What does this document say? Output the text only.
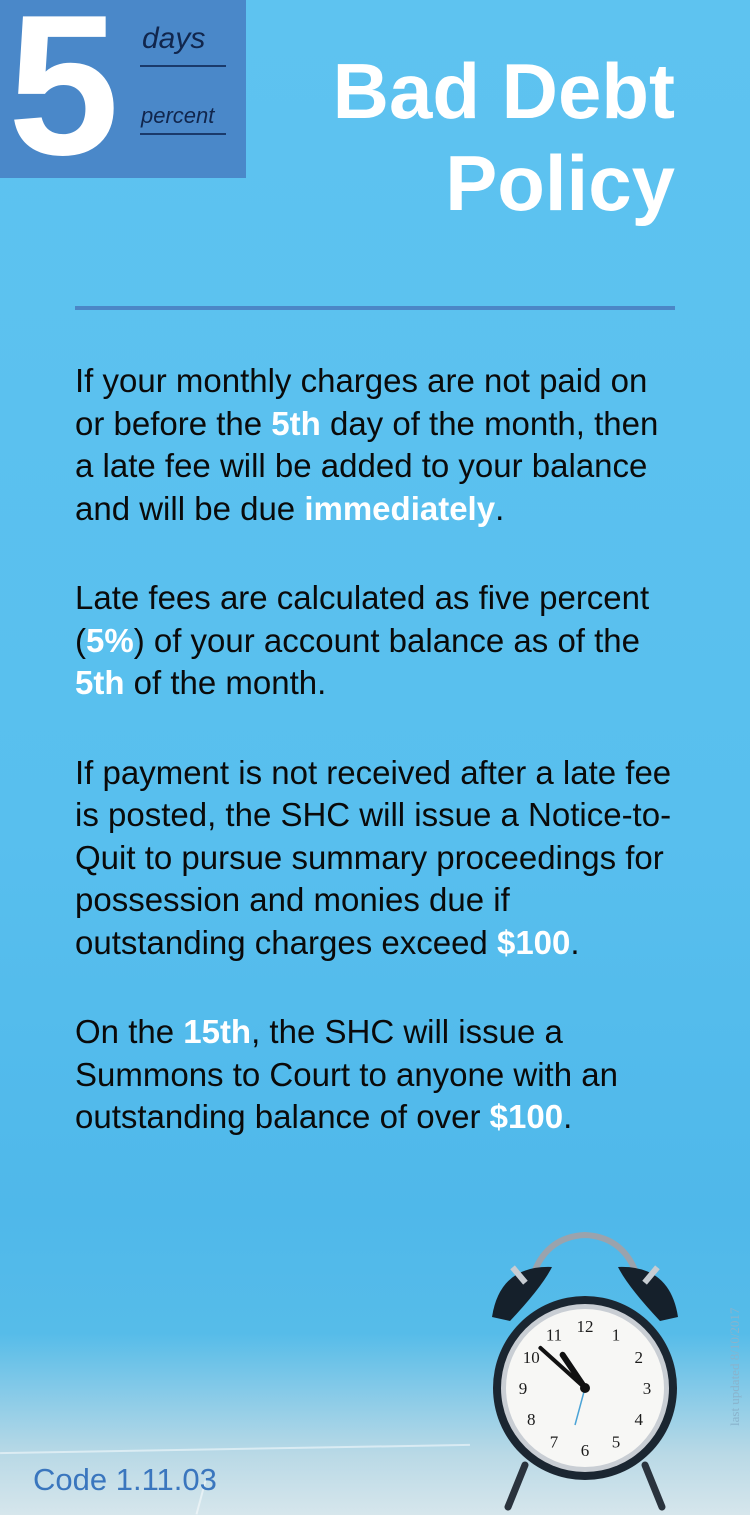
5 days
percent	Bad Debt
Policy

If your monthly charges are not paid on or before the 5th day of the month, then a late fee will be added to your balance and will be due immediately.

Late fees are calculated as five percent (5%) of your account balance as of the 5th of the month.

If payment is not received after a late fee is posted, the SHC will issue a Notice-to-Quit to pursue summary proceedings for possession and monies due if outstanding charges exceed $100.

On the 15th, the SHC will issue a Summons to Court to anyone with an outstanding balance of over $100.

Code 1.11.03
last updated 8/10/2017
12 1
2
3
4
5
6
7
8
9
10
11
